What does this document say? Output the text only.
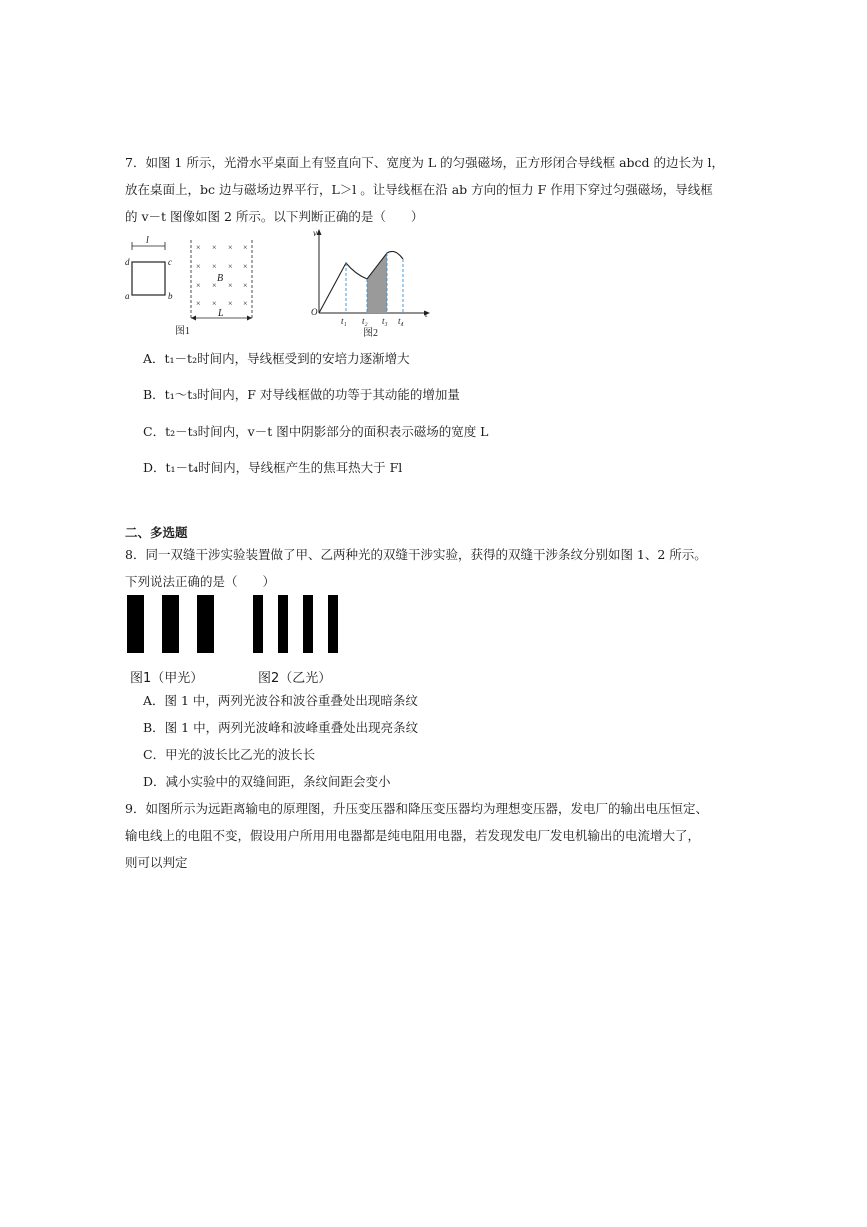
7．如图 1 所示，光滑水平桌面上有竖直向下、宽度为 L 的匀强磁场，正方形闭合导线框 abcd 的边长为 l，
放在桌面上，bc 边与磁场边界平行，L＞l 。让导线框在沿 ab 方向的恒力 F 作用下穿过匀强磁场，导线框
的 v－t 图像如图 2 所示。以下判断正确的是（　　）
l
d	c
a	b
× × × ×
× × × ×
× × × ×
× × × ×
B
L
图1
v
t
O
t₁ t₂ t₃ t₄
图2
A．t₁－t₂时间内，导线框受到的安培力逐渐增大
B．t₁～t₃时间内，F 对导线框做的功等于其动能的增加量
C．t₂－t₃时间内，v－t 图中阴影部分的面积表示磁场的宽度 L
D．t₁－t₄时间内，导线框产生的焦耳热大于 Fl
二、多选题
8．同一双缝干涉实验装置做了甲、乙两种光的双缝干涉实验，获得的双缝干涉条纹分别如图 1、2 所示。
下列说法正确的是（　　）
图1（甲光）	图2（乙光）
A．图 1 中，两列光波谷和波谷重叠处出现暗条纹
B．图 1 中，两列光波峰和波峰重叠处出现亮条纹
C．甲光的波长比乙光的波长长
D．减小实验中的双缝间距，条纹间距会变小
9．如图所示为远距离输电的原理图，升压变压器和降压变压器均为理想变压器，发电厂的输出电压恒定、
输电线上的电阻不变，假设用户所用用电器都是纯电阻用电器，若发现发电厂发电机输出的电流增大了，
则可以判定
